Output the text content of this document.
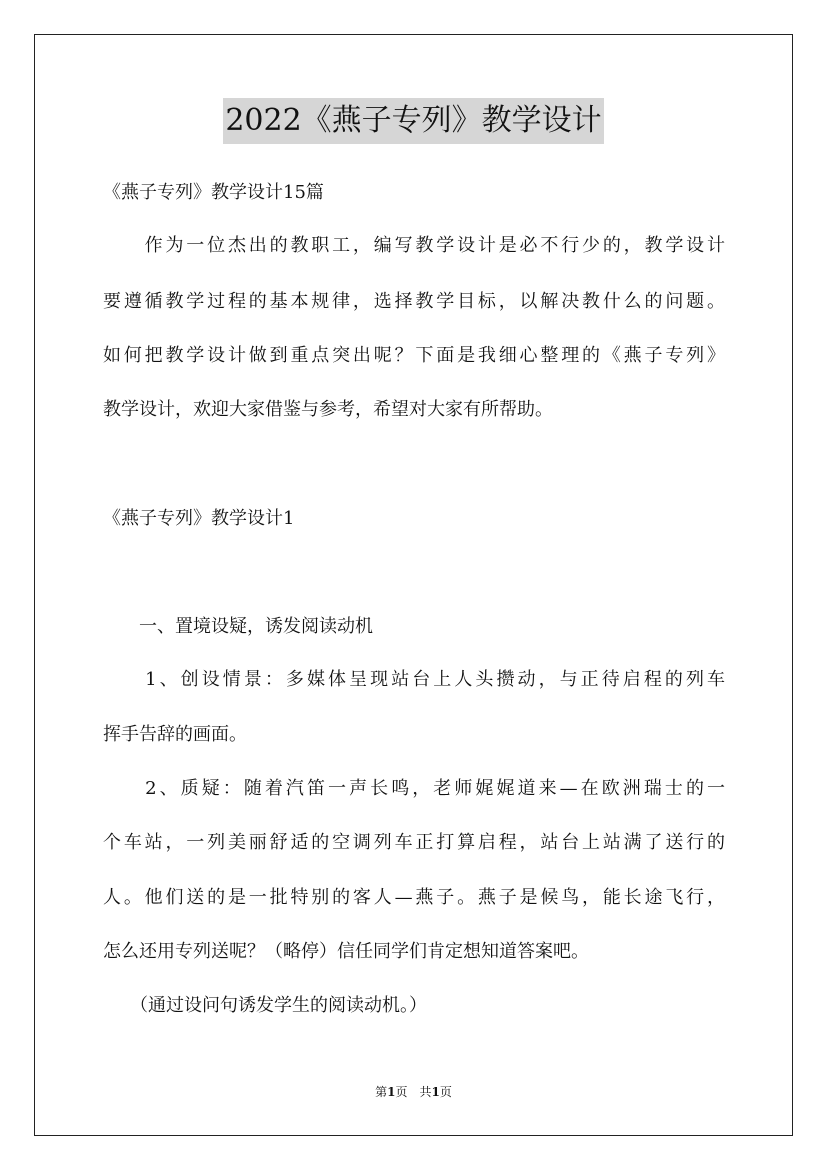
2022《燕子专列》教学设计
《燕子专列》教学设计15篇
　　作为一位杰出的教职工，编写教学设计是必不行少的，教学设计
要遵循教学过程的基本规律，选择教学目标，以解决教什么的问题。
如何把教学设计做到重点突出呢？下面是我细心整理的《燕子专列》
教学设计，欢迎大家借鉴与参考，希望对大家有所帮助。
《燕子专列》教学设计1
　　一、置境设疑，诱发阅读动机
　　1、创设情景：多媒体呈现站台上人头攒动，与正待启程的列车
挥手告辞的画面。
　　2、质疑：随着汽笛一声长鸣，老师娓娓道来—在欧洲瑞士的一
个车站，一列美丽舒适的空调列车正打算启程，站台上站满了送行的
人。他们送的是一批特别的客人—燕子。燕子是候鸟，能长途飞行，
怎么还用专列送呢？（略停）信任同学们肯定想知道答案吧。
　　（通过设问句诱发学生的阅读动机。）
第1页　共1页
